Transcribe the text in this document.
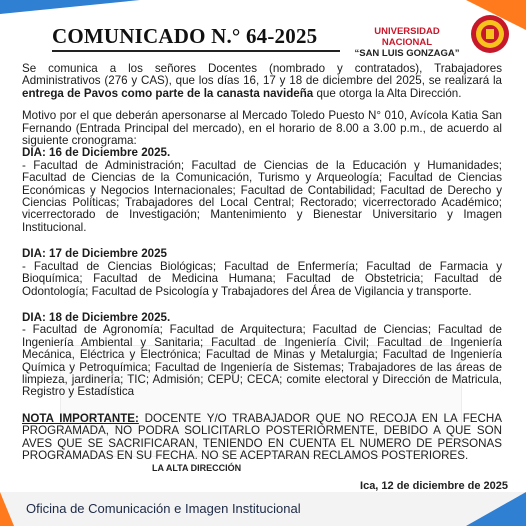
COMUNICADO N.° 64-2025	UNIVERSIDAD NACIONAL
“SAN LUIS GONZAGA”

Se comunica a los señores Docentes (nombrado y contratados), Trabajadores Administrativos (276 y CAS), que los días 16, 17 y 18 de diciembre del 2025, se realizará la entrega de Pavos como parte de la canasta navideña que otorga la Alta Dirección.

Motivo por el que deberán apersonarse al Mercado Toledo Puesto N° 010, Avícola Katia San Fernando (Entrada Principal del mercado), en el horario de 8.00 a 3.00 p.m., de acuerdo al siguiente cronograma:

DIA: 16 de Diciembre 2025.

- Facultad de Administración; Facultad de Ciencias de la Educación y Humanidades; Facultad de Ciencias de la Comunicación, Turismo y Arqueología; Facultad de Ciencias Económicas y Negocios Internacionales; Facultad de Contabilidad; Facultad de Derecho y Ciencias Políticas; Trabajadores del Local Central; Rectorado; vicerrectorado Académico; vicerrectorado de Investigación; Mantenimiento y Bienestar Universitario y Imagen Institucional.

DIA: 17 de Diciembre 2025

- Facultad de Ciencias Biológicas; Facultad de Enfermería; Facultad de Farmacia y Bioquímica; Facultad de Medicina Humana; Facultad de Obstetricia; Facultad de Odontología; Facultad de Psicología y Trabajadores del Área de Vigilancia y transporte.

DIA: 18 de Diciembre 2025.

- Facultad de Agronomía; Facultad de Arquitectura; Facultad de Ciencias; Facultad de Ingeniería Ambiental y Sanitaria; Facultad de Ingeniería Civil; Facultad de Ingeniería Mecánica, Eléctrica y Electrónica; Facultad de Minas y Metalurgia; Facultad de Ingeniería Química y Petroquímica; Facultad de Ingeniería de Sistemas; Trabajadores de las áreas de limpieza, jardinería; TIC; Admisión; CEPU; CECA; comite electoral y Dirección de Matricula, Registro y Estadística

NOTA IMPORTANTE: DOCENTE Y/O TRABAJADOR QUE NO RECOJA EN LA FECHA PROGRAMADA, NO PODRA SOLICITARLO POSTERIORMENTE, DEBIDO A QUE SON AVES QUE SE SACRIFICARAN, TENIENDO EN CUENTA EL NUMERO DE PERSONAS PROGRAMADAS EN SU FECHA. NO SE ACEPTARAN RECLAMOS POSTERIORES.

LA ALTA DIRECCIÓN
Ica, 12 de diciembre de 2025
Oficina de Comunicación e Imagen Institucional
